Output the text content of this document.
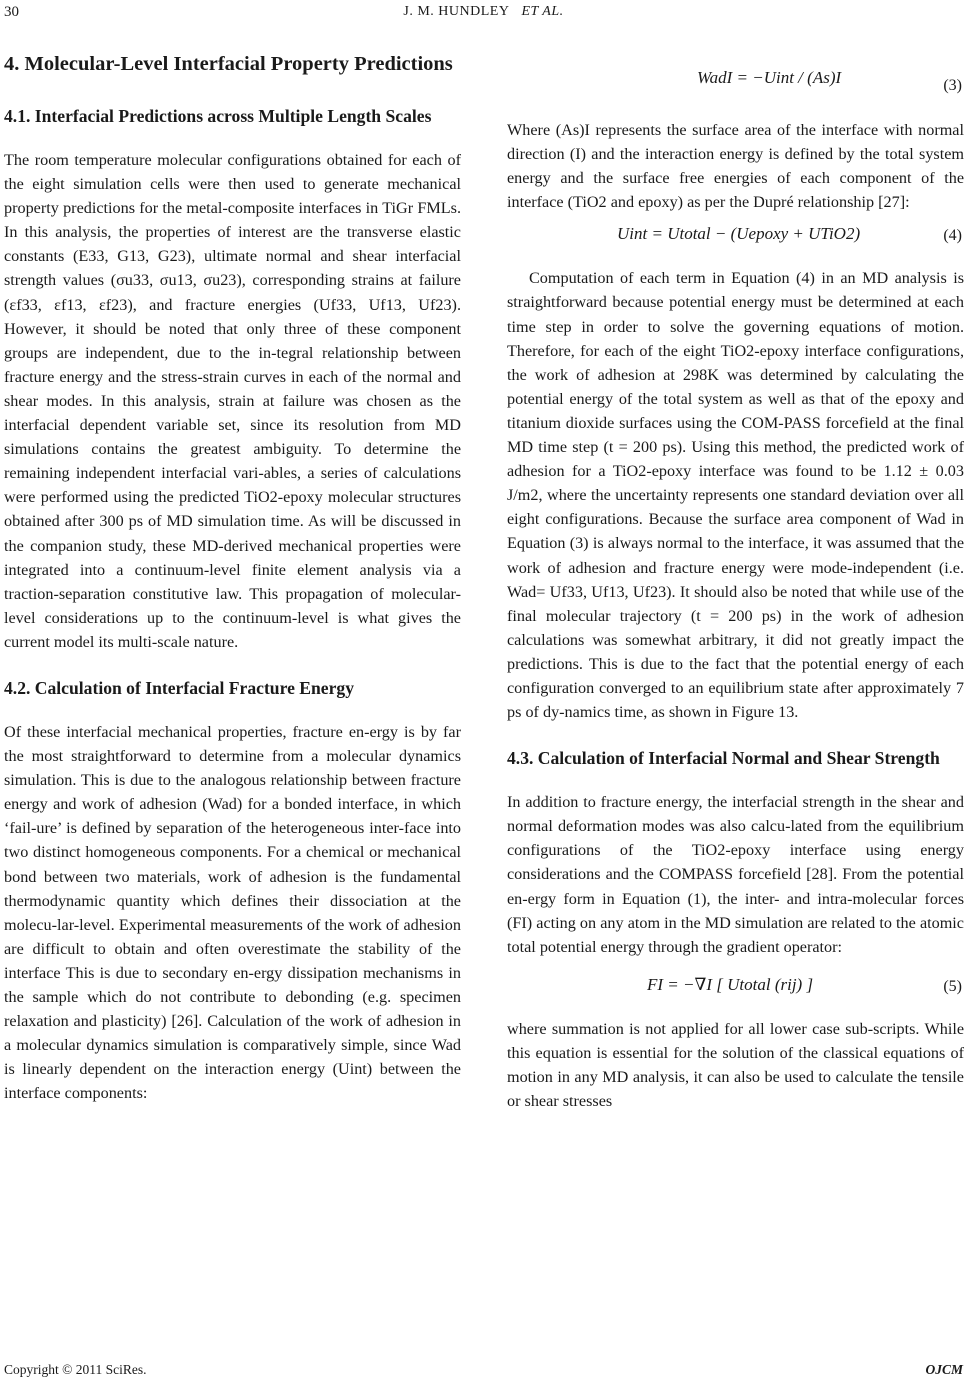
30	J. M. HUNDLEY ET AL.
4. Molecular-Level Interfacial Property Predictions
4.1. Interfacial Predictions across Multiple Length Scales

The room temperature molecular configurations obtained for each of the eight simulation cells were then used to generate mechanical property predictions for the metal-composite interfaces in TiGr FMLs. In this analysis, the properties of interest are the transverse elastic constants (E33, G13, G23), ultimate normal and shear interfacial strength values (σu33, σu13, σu23), corresponding strains at failure (εf33, εf13, εf23), and fracture energies (Uf33, Uf13, Uf23). However, it should be noted that only three of these component groups are independent, due to the in-tegral relationship between fracture energy and the stress-strain curves in each of the normal and shear modes. In this analysis, strain at failure was chosen as the interfacial dependent variable set, since its resolution from MD simulations contains the greatest ambiguity. To determine the remaining independent interfacial vari-ables, a series of calculations were performed using the predicted TiO2-epoxy molecular structures obtained after 300 ps of MD simulation time. As will be discussed in the companion study, these MD-derived mechanical properties were integrated into a continuum-level finite element analysis via a traction-separation constitutive law. This propagation of molecular-level considerations up to the continuum-level is what gives the current model its multi-scale nature.

4.2. Calculation of Interfacial Fracture Energy

Of these interfacial mechanical properties, fracture en-ergy is by far the most straightforward to determine from a molecular dynamics simulation. This is due to the analogous relationship between fracture energy and work of adhesion (Wad) for a bonded interface, in which ‘fail-ure’ is defined by separation of the heterogeneous inter-face into two distinct homogeneous components. For a chemical or mechanical bond between two materials, work of adhesion is the fundamental thermodynamic quantity which defines their dissociation at the molecu-lar-level. Experimental measurements of the work of adhesion are difficult to obtain and often overestimate the stability of the interface This is due to secondary en-ergy dissipation mechanisms in the sample which do not contribute to debonding (e.g. specimen relaxation and plasticity) [26]. Calculation of the work of adhesion in a molecular dynamics simulation is comparatively simple, since Wad is linearly dependent on the interaction energy (Uint) between the interface components:

WadI = −Uint / (As)I	(3)

Where (As)I represents the surface area of the interface with normal direction (I) and the interaction energy is defined by the total system energy and the surface free energies of each component of the interface (TiO2 and epoxy) as per the Dupré relationship [27]:

Uint = Utotal − (Uepoxy + UTiO2)	(4)

Computation of each term in Equation (4) in an MD analysis is straightforward because potential energy must be determined at each time step in order to solve the governing equations of motion. Therefore, for each of the eight TiO2-epoxy interface configurations, the work of adhesion at 298K was determined by calculating the potential energy of the total system as well as that of the epoxy and titanium dioxide surfaces using the COM-PASS forcefield at the final MD time step (t = 200 ps). Using this method, the predicted work of adhesion for a TiO2-epoxy interface was found to be 1.12 ± 0.03 J/m2, where the uncertainty represents one standard deviation over all eight configurations. Because the surface area component of Wad in Equation (3) is always normal to the interface, it was assumed that the work of adhesion and fracture energy were mode-independent (i.e. Wad= Uf33, Uf13, Uf23). It should also be noted that while use of the final molecular trajectory (t = 200 ps) in the work of adhesion calculations was somewhat arbitrary, it did not greatly impact the predictions. This is due to the fact that the potential energy of each configuration converged to an equilibrium state after approximately 7 ps of dy-namics time, as shown in Figure 13.

4.3. Calculation of Interfacial Normal and Shear Strength

In addition to fracture energy, the interfacial strength in the shear and normal deformation modes was also calcu-lated from the equilibrium configurations of the TiO2-epoxy interface using energy considerations and the COMPASS forcefield [28]. From the potential en-ergy form in Equation (1), the inter- and intra-molecular forces (FI) acting on any atom in the MD simulation are related to the atomic total potential energy through the gradient operator:

FI = −∇I [ Utotal (rij) ]	(5)

where summation is not applied for all lower case sub-scripts. While this equation is essential for the solution of the classical equations of motion in any MD analysis, it can also be used to calculate the tensile or shear stresses

Copyright © 2011 SciRes.	OJCM
